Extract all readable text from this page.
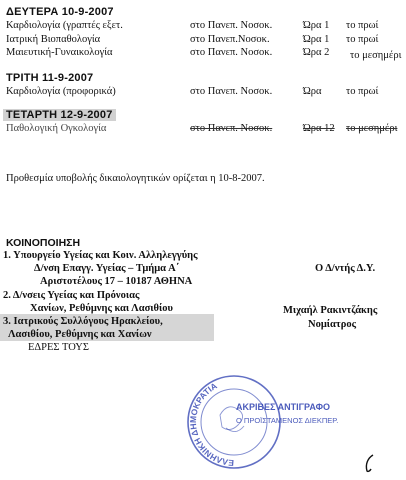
ΔΕΥΤΕΡΑ 10-9-2007
Καρδιολογία (γραπτές εξετ.	στο Πανεπ. Νοσοκ.	Ώρα 1 το πρωί
Ιατρική Βιοπαθολογία	στο Πανεπ.Νοσοκ.	Ώρα 1 το πρωί
Μαιευτική-Γυναικολογία	στο Πανεπ. Νοσοκ.	Ώρα 2 το μεσημέρι
ΤΡΙΤΗ 11-9-2007
Καρδιολογία (προφορικά)	στο Πανεπ. Νοσοκ.	Ώρα το πρωί
ΤΕΤΑΡΤΗ 12-9-2007
Παθολογική Ογκολογία	στο Πανεπ. Νοσοκ.	Ώρα 12 το μεσημέρι
Προθεσμία υποβολής δικαιολογητικών ορίζεται η 10-8-2007.
ΚΟΙΝΟΠΟΙΗΣΗ
1. Υπουργείο Υγείας και Κοιν. Αλληλεγγύης
Δ/νση Επαγγ. Υγείας – Τμήμα Α΄
Αριστοτέλους 17 – 10187 ΑΘΗΝΑ
2. Δ/νσεις Υγείας και Πρόνοιας
Χανίων, Ρεθύμνης και Λασιθίου
3. Ιατρικούς Συλλόγους Ηρακλείου,
Λασιθίου, Ρεθύμνης και Χανίων
ΕΔΡΕΣ ΤΟΥΣ
Ο Δ/ντής Δ.Υ.
Μιχαήλ Ρακιντζάκης
Νομίατρος
ΕΛΛΗΝΙΚΗ ΔΗΜΟΚΡΑΤΙΑ
ΑΚΡΙΒΕΣ ΑΝΤΙΓΡΑΦΟ
Ο ΠΡΟΪΣΤΑΜΕΝΟΣ ΔΙΕΚΠΕΡ.
